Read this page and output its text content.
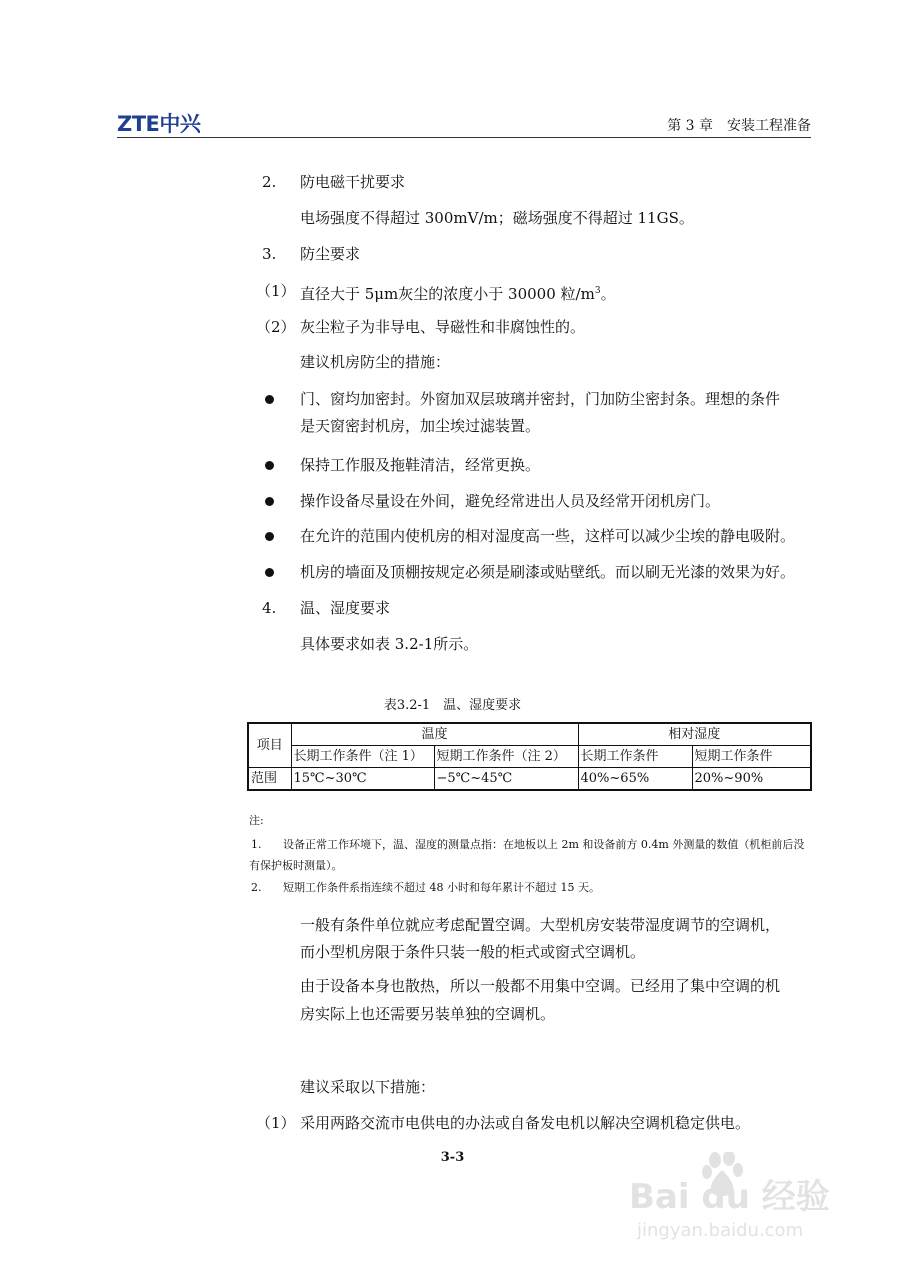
ZTE中兴	第 3 章　安装工程准备
2. 防电磁干扰要求
电场强度不得超过 300mV/m；磁场强度不得超过 11GS。
3. 防尘要求
（1） 直径大于 5μm灰尘的浓度小于 30000 粒$/m^3$。
（2） 灰尘粒子为非导电、导磁性和非腐蚀性的。
建议机房防尘的措施：
门、窗均加密封。外窗加双层玻璃并密封，门加防尘密封条。理想的条件
是天窗密封机房，加尘埃过滤装置。
保持工作服及拖鞋清洁，经常更换。
操作设备尽量设在外间，避免经常进出人员及经常开闭机房门。
在允许的范围内使机房的相对湿度高一些，这样可以减少尘埃的静电吸附。
机房的墙面及顶棚按规定必须是刷漆或贴壁纸。而以刷无光漆的效果为好。
4. 温、湿度要求
具体要求如表 3.2-1所示。
表3.2-1　温、湿度要求
项目	温度		相对湿度	
	长期工作条件（注 1）	短期工作条件（注 2）	长期工作条件	短期工作条件
范围	15℃~30℃	−5℃~45℃	40%~65%	20%~90%
注:
1. 设备正常工作环境下，温、湿度的测量点指：在地板以上 2m 和设备前方 0.4m 外测量的数值（机柜前后没
有保护板时测量）。
2. 短期工作条件系指连续不超过 48 小时和每年累计不超过 15 天。
一般有条件单位就应考虑配置空调。大型机房安装带湿度调节的空调机，
而小型机房限于条件只装一般的柜式或窗式空调机。
由于设备本身也散热，所以一般都不用集中空调。已经用了集中空调的机
房实际上也还需要另装单独的空调机。
建议采取以下措施：
（1） 采用两路交流市电供电的办法或自备发电机以解决空调机稳定供电。
3-3
Bai du 经验
jingyan.baidu.com
